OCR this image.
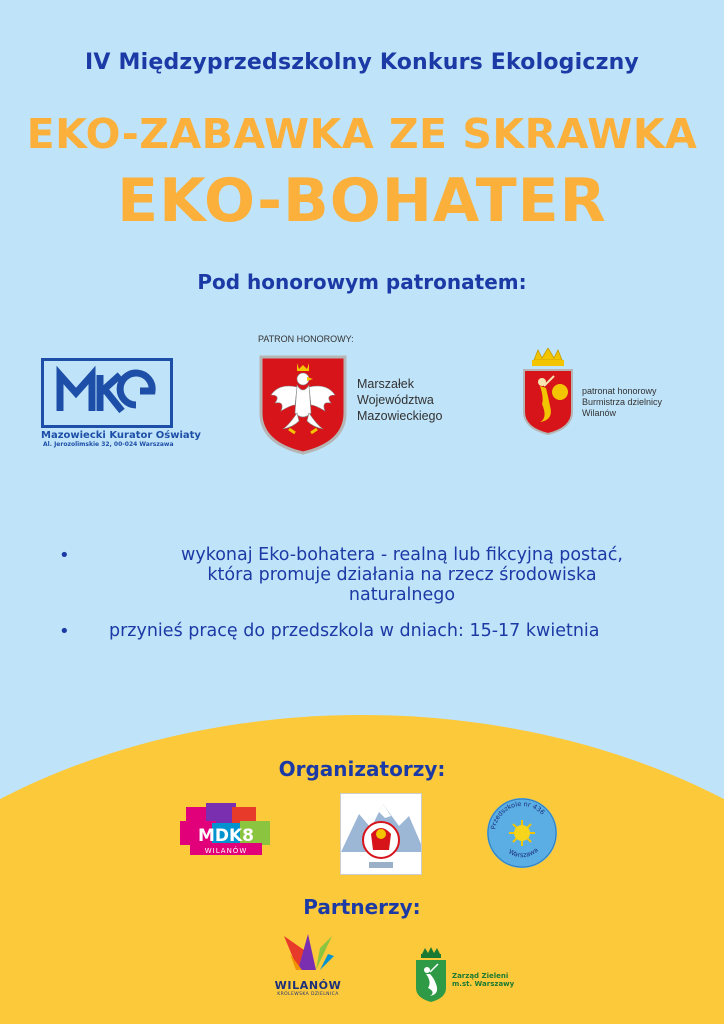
IV Międzyprzedszkolny Konkurs Ekologiczny
EKO-ZABAWKA ZE SKRAWKA
EKO-BOHATER
Pod honorowym patronatem:
Mazowiecki Kurator Oświaty
Al. Jerozolimskie 32, 00-024 Warszawa
PATRON HONOROWY:
Marszałek
Województwa
Mazowieckiego
patronat honorowy
Burmistrza dzielnicy
Wilanów
•	wykonaj Eko-bohatera - realną lub fikcyjną postać,
która promuje działania na rzecz środowiska
naturalnego
•	przynieś pracę do przedszkola w dniach: 15-17 kwietnia
Organizatorzy:
MDK8
WILANÓW
Przedszkole nr 436
Warszawa
Partnerzy:
WILANÓW
KRÓLEWSKA DZIELNICA
Zarząd Zieleni
m.st. Warszawy
